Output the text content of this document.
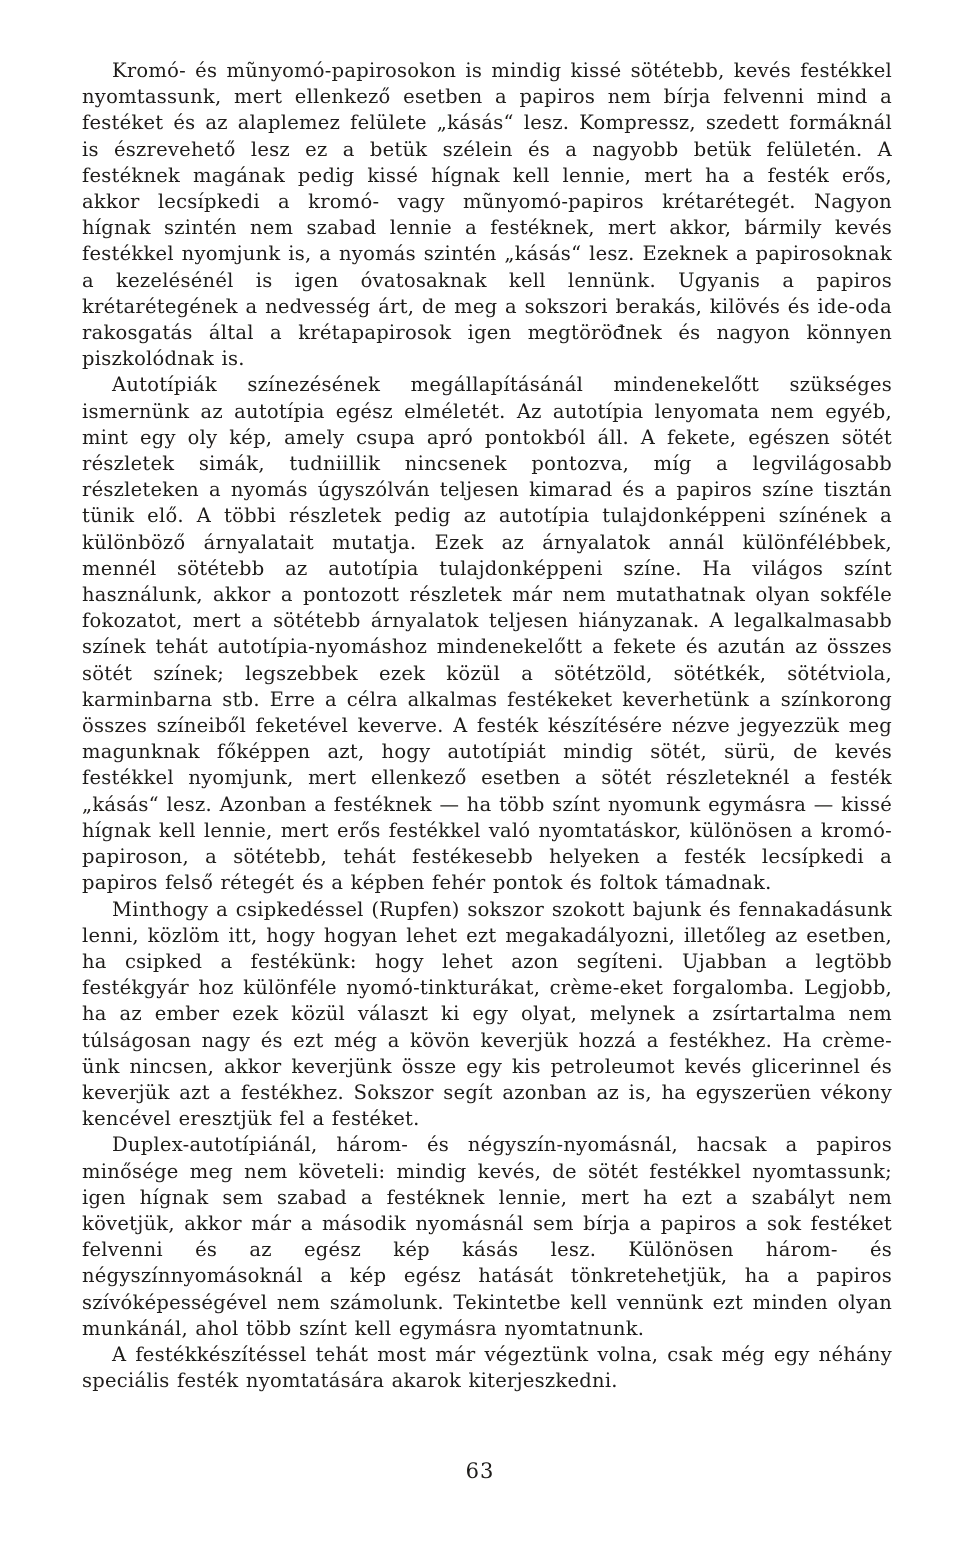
Kromó- és mũnyomó-papirosokon is mindig kissé sötétebb, kevés festékkel nyomtassunk, mert ellenkező esetben a papiros nem bírja felvenni mind a festéket és az alaplemez felülete „kásás“ lesz. Kompressz, szedett formáknál is észrevehető lesz ez a betük szélein és a nagyobb betük felületén. A festéknek magának pedig kissé hígnak kell lennie, mert ha a festék erős, akkor lecsípkedi a kromó- vagy mũnyomó-papiros krétarétegét. Nagyon hígnak szintén nem szabad lennie a festéknek, mert akkor, bármily kevés festékkel nyomjunk is, a nyomás szintén „kásás“ lesz. Ezeknek a papirosoknak a kezelésénél is igen óvatosaknak kell lennünk. Ugyanis a papiros krétarétegének a nedvesség árt, de meg a sokszori berakás, kilövés és ide-oda rakosgatás által a krétapapirosok igen megtöröđnek és nagyon könnyen piszkolódnak is.

Autotípiák színezésének megállapításánál mindenekelőtt szükséges ismernünk az autotípia egész elméletét. Az autotípia lenyomata nem egyéb, mint egy oly kép, amely csupa apró pontokból áll. A fekete, egészen sötét részletek simák, tudniillik nincsenek pontozva, míg a legvilágosabb részleteken a nyomás úgyszólván teljesen kimarad és a papiros színe tisztán tünik elő. A többi részletek pedig az autotípia tulajdonképpeni színének a különböző árnyalatait mutatja. Ezek az árnyalatok annál különfélébbek, mennél sötétebb az autotípia tulajdonképpeni színe. Ha világos színt használunk, akkor a pontozott részletek már nem mutathatnak olyan sokféle fokozatot, mert a sötétebb árnyalatok teljesen hiányzanak. A legalkalmasabb színek tehát autotípia-nyomáshoz mindenekelőtt a fekete és azután az összes sötét színek; legszebbek ezek közül a sötétzöld, sötétkék, sötétviola, karminbarna stb. Erre a célra alkalmas festékeket keverhetünk a színkorong összes színeiből feketével keverve. A festék készítésére nézve jegyezzük meg magunknak főképpen azt, hogy autotípiát mindig sötét, sürü, de kevés festékkel nyomjunk, mert ellenkező esetben a sötét részleteknél a festék „kásás“ lesz. Azonban a festéknek — ha több színt nyomunk egymásra — kissé hígnak kell lennie, mert erős festékkel való nyomtatáskor, különösen a kromó-papiroson, a sötétebb, tehát festékesebb helyeken a festék lecsípkedi a papiros felső rétegét és a képben fehér pontok és foltok támadnak.

Minthogy a csipkedéssel (Rupfen) sokszor szokott bajunk és fennakadásunk lenni, közlöm itt, hogy hogyan lehet ezt megakadályozni, illetőleg az esetben, ha csipked a festékünk: hogy lehet azon segíteni. Ujabban a legtöbb festékgyár hoz különféle nyomó-tinkturákat, crème-eket forgalomba. Legjobb, ha az ember ezek közül választ ki egy olyat, melynek a zsírtartalma nem túlságosan nagy és ezt még a kövön keverjük hozzá a festékhez. Ha crème-ünk nincsen, akkor keverjünk össze egy kis petroleumot kevés glicerinnel és keverjük azt a festékhez. Sokszor segít azonban az is, ha egyszerüen vékony kencével eresztjük fel a festéket.

Duplex-autotípiánál, három- és négyszín-nyomásnál, hacsak a papiros minősége meg nem követeli: mindig kevés, de sötét festékkel nyomtassunk; igen hígnak sem szabad a festéknek lennie, mert ha ezt a szabályt nem követjük, akkor már a második nyomásnál sem bírja a papiros a sok festéket felvenni és az egész kép kásás lesz. Különösen három- és négyszínnyomásoknál a kép egész hatását tönkretehetjük, ha a papiros szívóképességével nem számolunk. Tekintetbe kell vennünk ezt minden olyan munkánál, ahol több színt kell egymásra nyomtatnunk.

A festékkészítéssel tehát most már végeztünk volna, csak még egy néhány speciális festék nyomtatására akarok kiterjeszkedni.

63
